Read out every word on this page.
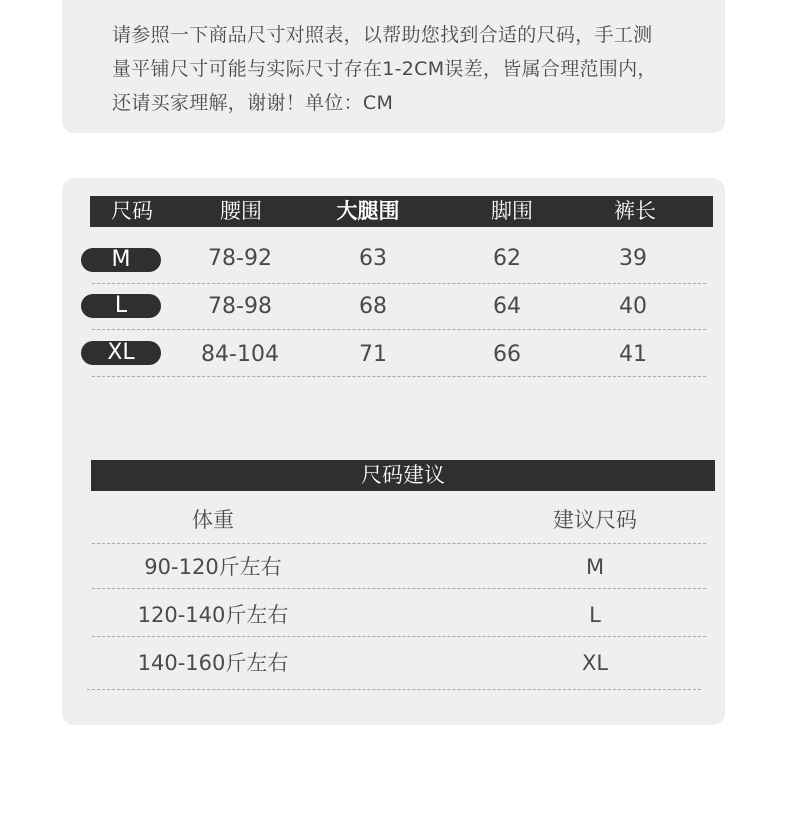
请参照一下商品尺寸对照表，以帮助您找到合适的尺码，手工测
量平铺尺寸可能与实际尺寸存在1-2CM误差，皆属合理范围内，
还请买家理解，谢谢！单位：CM
尺码	腰围	大腿围	脚围	裤长
M	78-92	63	62	39
L	78-98	68	64	40
XL	84-104	71	66	41
尺码建议
体重	建议尺码
90-120斤左右	M
120-140斤左右	L
140-160斤左右	XL
